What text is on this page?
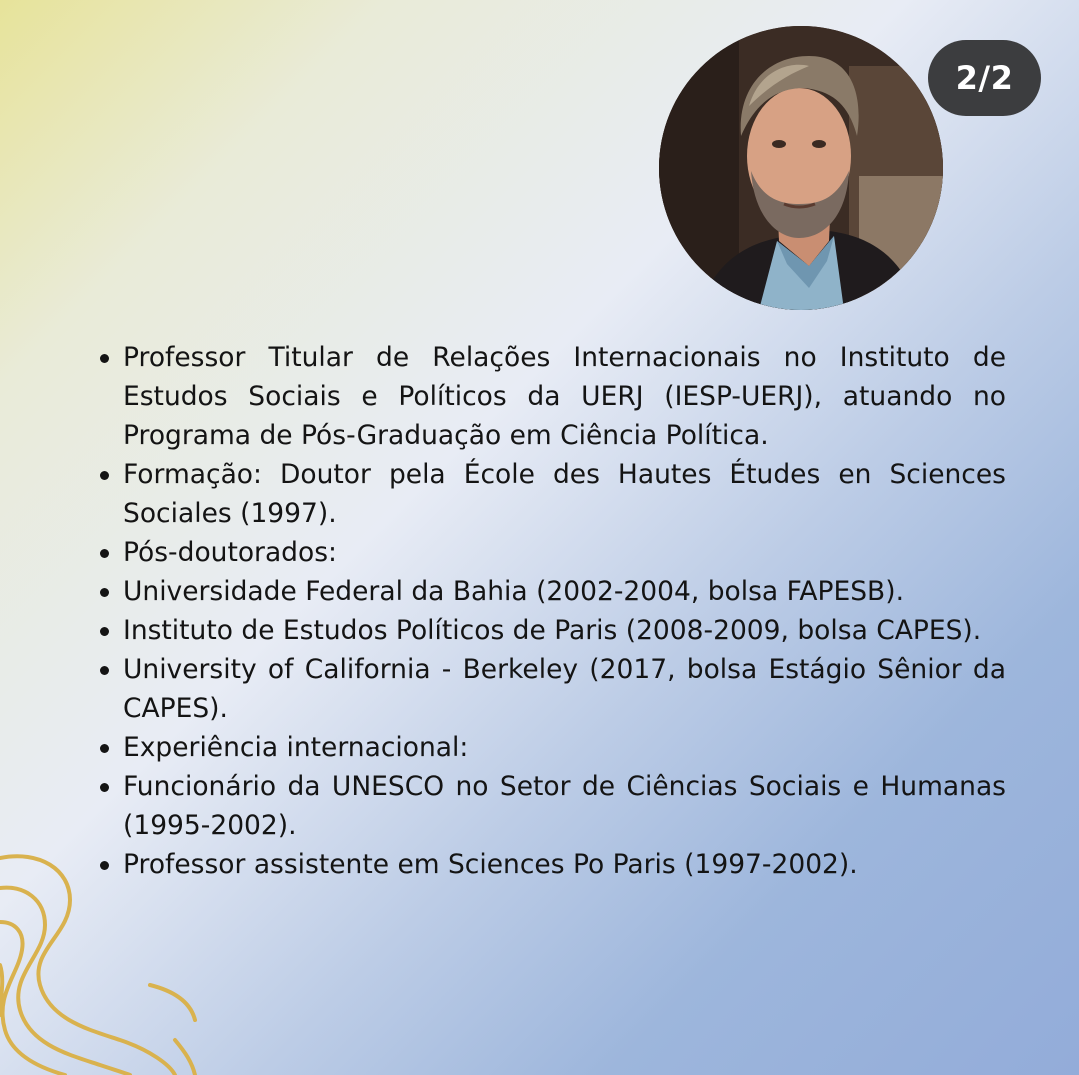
2/2
Professor Titular de Relações Internacionais no Instituto de Estudos Sociais e Políticos da UERJ (IESP-UERJ), atuando no Programa de Pós-Graduação em Ciência Política.
Formação: Doutor pela École des Hautes Études en Sciences Sociales (1997).
Pós-doutorados:
Universidade Federal da Bahia (2002-2004, bolsa FAPESB).
Instituto de Estudos Políticos de Paris (2008-2009, bolsa CAPES).
University of California - Berkeley (2017, bolsa Estágio Sênior da CAPES).
Experiência internacional:
Funcionário da UNESCO no Setor de Ciências Sociais e Humanas (1995-2002).
Professor assistente em Sciences Po Paris (1997-2002).
